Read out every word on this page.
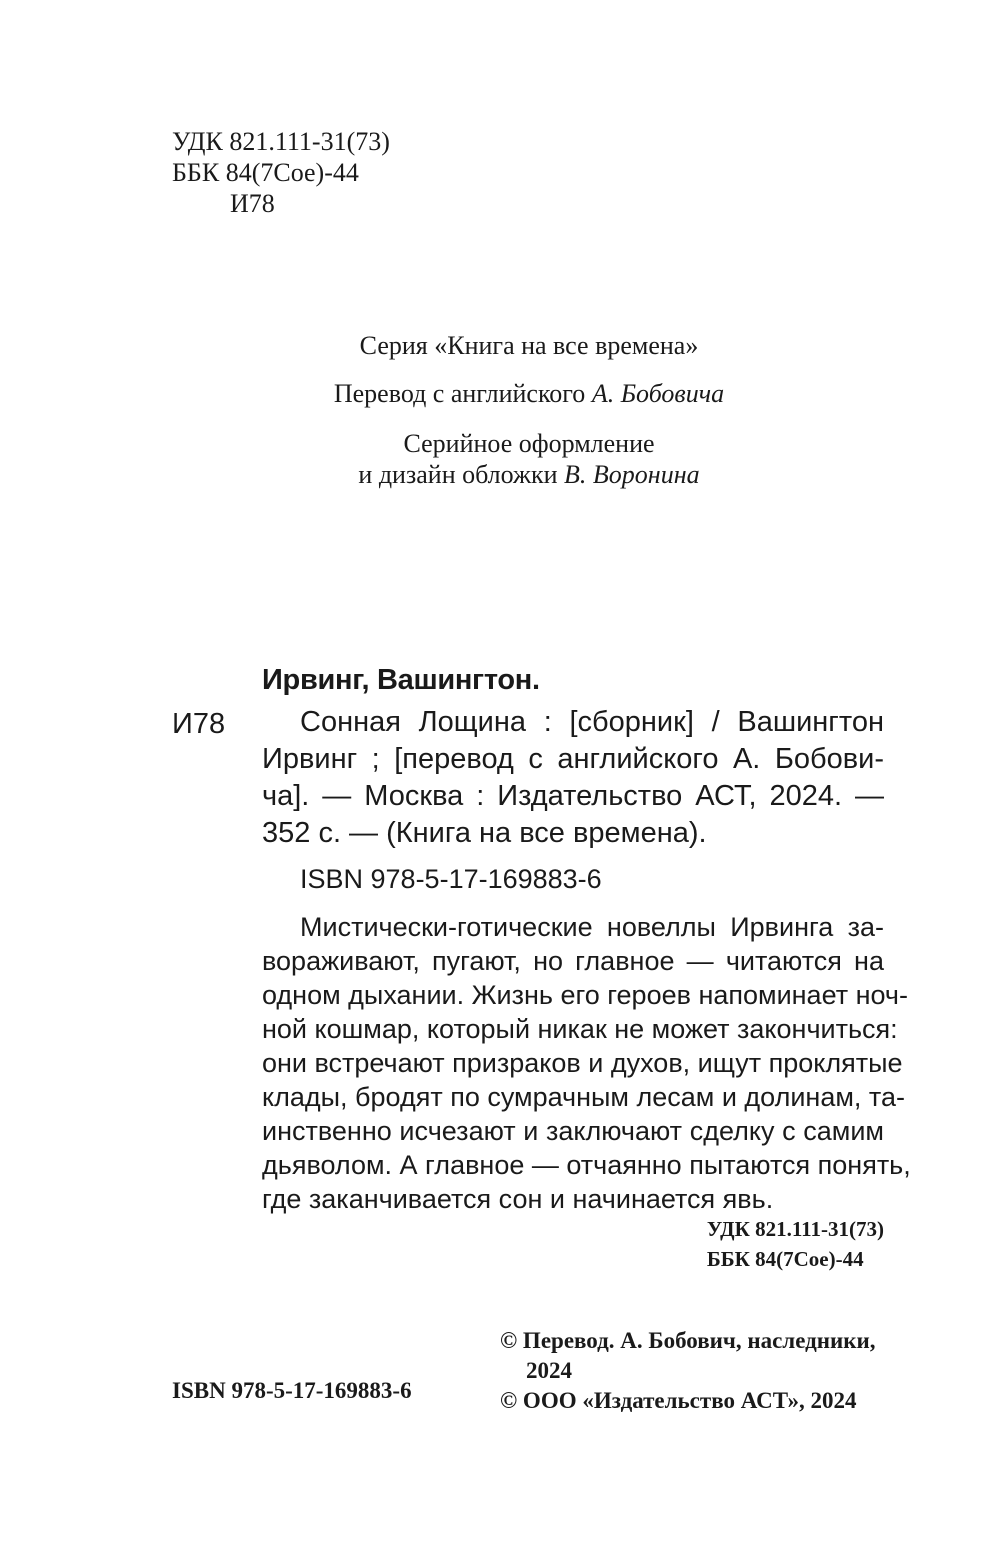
УДК 821.111-31(73)
ББК 84(7Сое)-44
И78
Серия «Книга на все времена»
Перевод с английского А. Бобовича
Серийное оформление
и дизайн обложки В. Воронина
Ирвинг, Вашингтон.
И78	Сонная Лощина : [сборник] / Вашингтон
Ирвинг ; [перевод с английского А. Бобови-
ча]. — Москва : Издательство АСТ, 2024. —
352 с. — (Книга на все времена).
ISBN 978-5-17-169883-6
Мистически-готические новеллы Ирвинга за-
вораживают, пугают, но главное — читаются на
одном дыхании. Жизнь его героев напоминает ноч-
ной кошмар, который никак не может закончиться:
они встречают призраков и духов, ищут проклятые
клады, бродят по сумрачным лесам и долинам, та-
инственно исчезают и заключают сделку с самим
дьяволом. А главное — отчаянно пытаются понять,
где заканчивается сон и начинается явь.
УДК 821.111-31(73)
ББК 84(7Сое)-44
ISBN 978-5-17-169883-6
© Перевод. А. Бобович, наследники,
2024
© ООО «Издательство АСТ», 2024
